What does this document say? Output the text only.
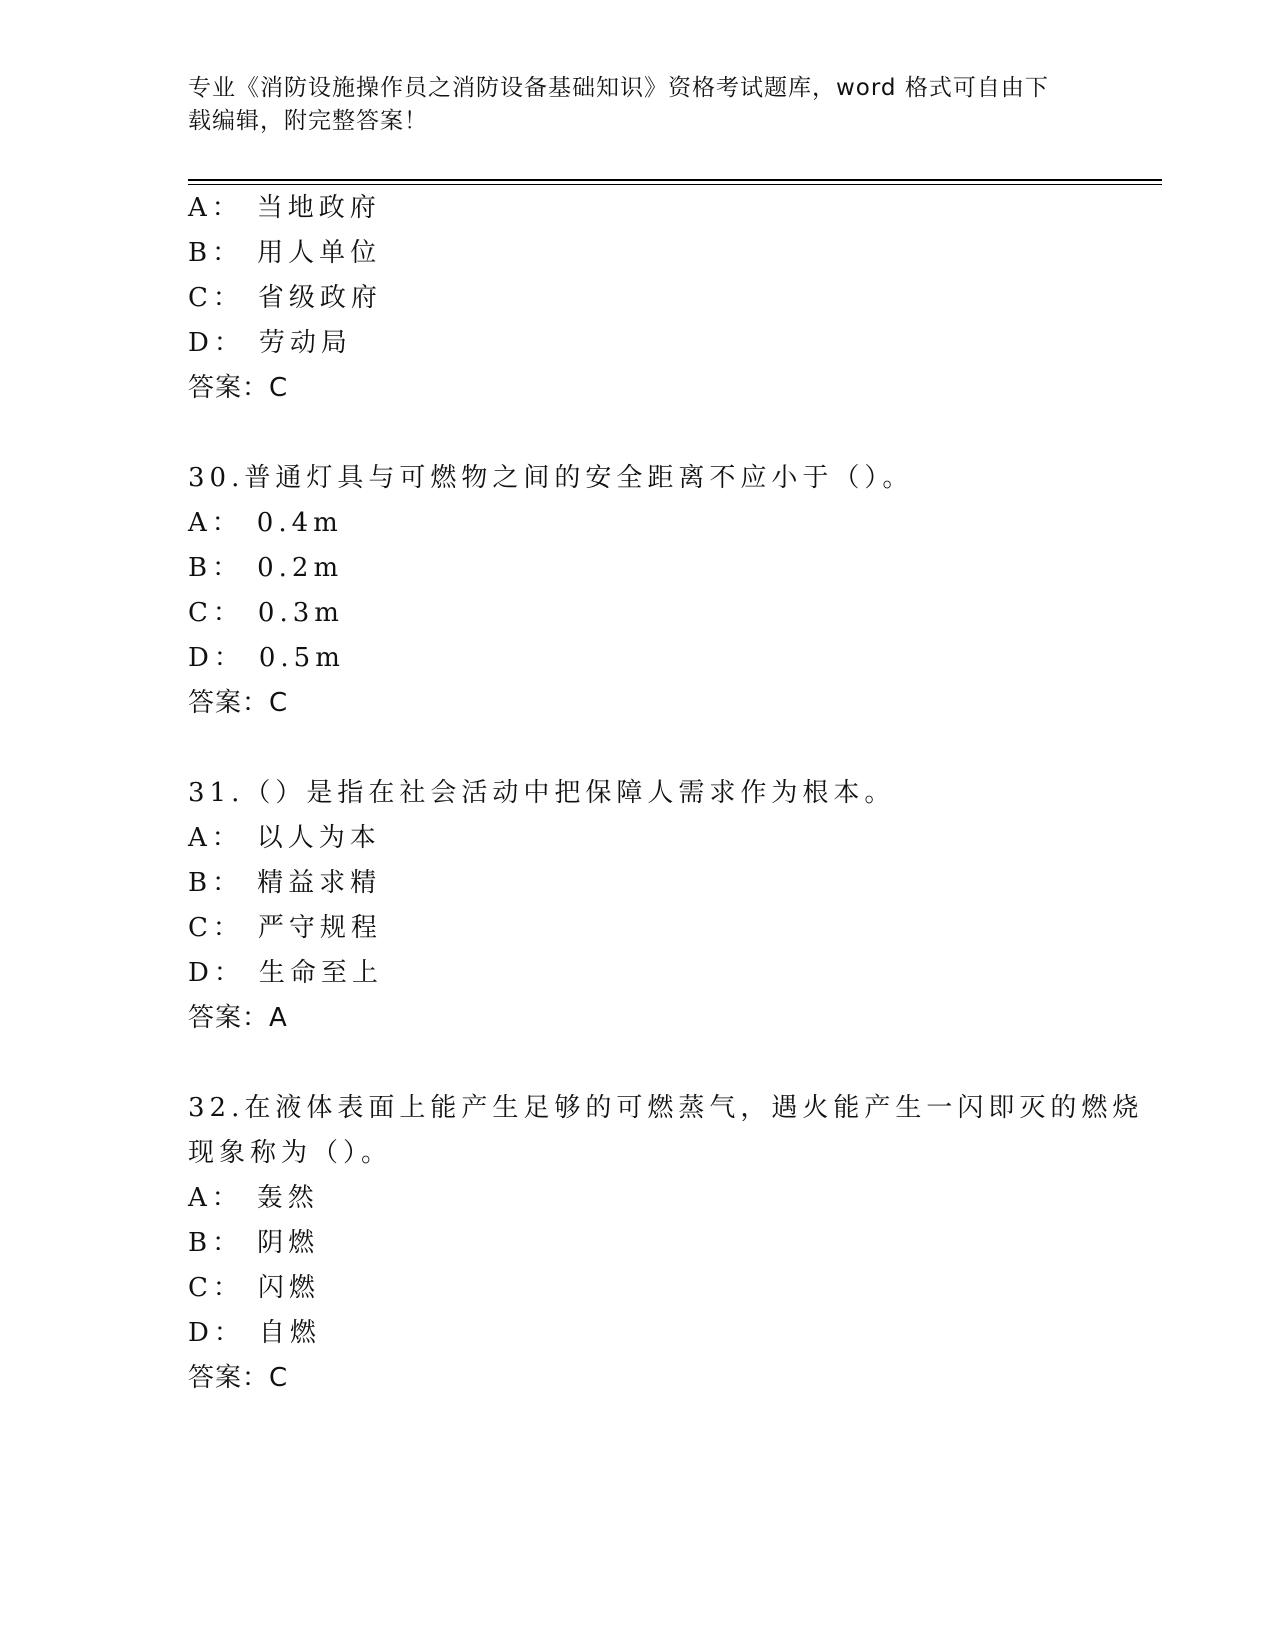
专业《消防设施操作员之消防设备基础知识》资格考试题库，word 格式可自由下
载编辑，附完整答案！
A： 当地政府
B： 用人单位
C： 省级政府
D： 劳动局
答案：C
30.普通灯具与可燃物之间的安全距离不应小于（）。
A： 0.4m
B： 0.2m
C： 0.3m
D： 0.5m
答案：C
31.（）是指在社会活动中把保障人需求作为根本。
A： 以人为本
B： 精益求精
C： 严守规程
D： 生命至上
答案：A
32.在液体表面上能产生足够的可燃蒸气，遇火能产生一闪即灭的燃烧
现象称为（）。
A： 轰然
B： 阴燃
C： 闪燃
D： 自燃
答案：C
